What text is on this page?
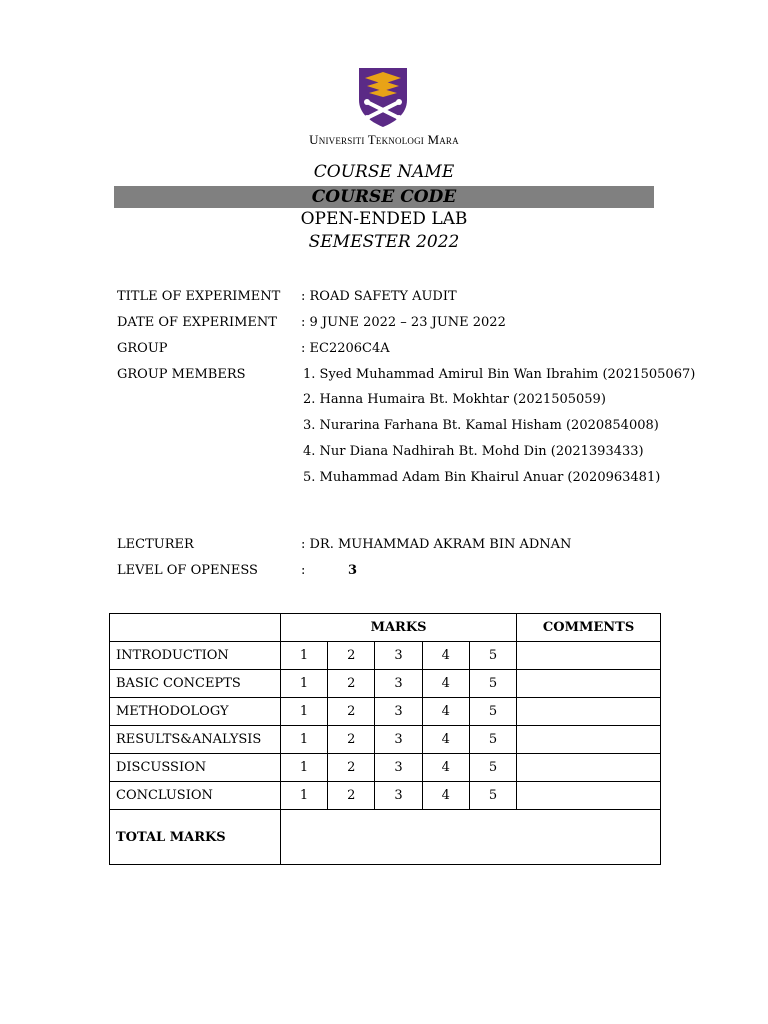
Universiti Teknologi Mara
COURSE NAME
COURSE CODE
OPEN-ENDED LAB
SEMESTER 2022
TITLE OF EXPERIMENT : ROAD SAFETY AUDIT
DATE OF EXPERIMENT : 9 JUNE 2022 – 23 JUNE 2022
GROUP	: EC2206C4A
GROUP MEMBERS	1. Syed Muhammad Amirul Bin Wan Ibrahim (2021505067)
2. Hanna Humaira Bt. Mokhtar (2021505059)
3. Nurarina Farhana Bt. Kamal Hisham (2020854008)
4. Nur Diana Nadhirah Bt. Mohd Din (2021393433)
5. Muhammad Adam Bin Khairul Anuar (2020963481)
LECTURER	: DR. MUHAMMAD AKRAM BIN ADNAN
LEVEL OF OPENESS	:	3
	MARKS					COMMENTS
INTRODUCTION	1	2	3	4	5	
BASIC CONCEPTS	1	2	3	4	5	
METHODOLOGY	1	2	3	4	5	
RESULTS&ANALYSIS	1	2	3	4	5	
DISCUSSION	1	2	3	4	5	
CONCLUSION	1	2	3	4	5	
TOTAL MARKS						
